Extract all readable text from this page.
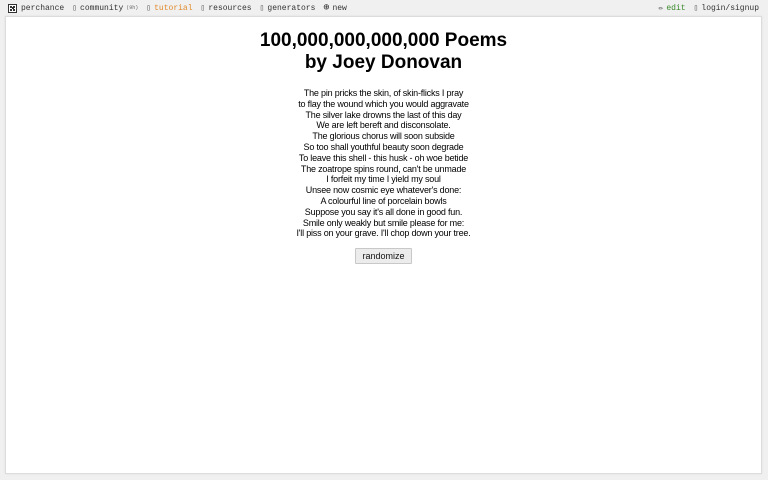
perchance ▯ community (9h) ▯ tutorial ▯ resources ▯ generators ⊕ new	✏ edit ▯ login/signup
100,000,000,000,000 Poems
by Joey Donovan
The pin pricks the skin, of skin-flicks I pray
to flay the wound which you would aggravate
The silver lake drowns the last of this day
We are left bereft and disconsolate.
The glorious chorus will soon subside
So too shall youthful beauty soon degrade
To leave this shell - this husk - oh woe betide
The zoatrope spins round, can't be unmade
I forfeit my time I yield my soul
Unsee now cosmic eye whatever's done:
A colourful line of porcelain bowls
Suppose you say it's all done in good fun.
Smile only weakly but smile please for me:
I'll piss on your grave. I'll chop down your tree.
randomize
